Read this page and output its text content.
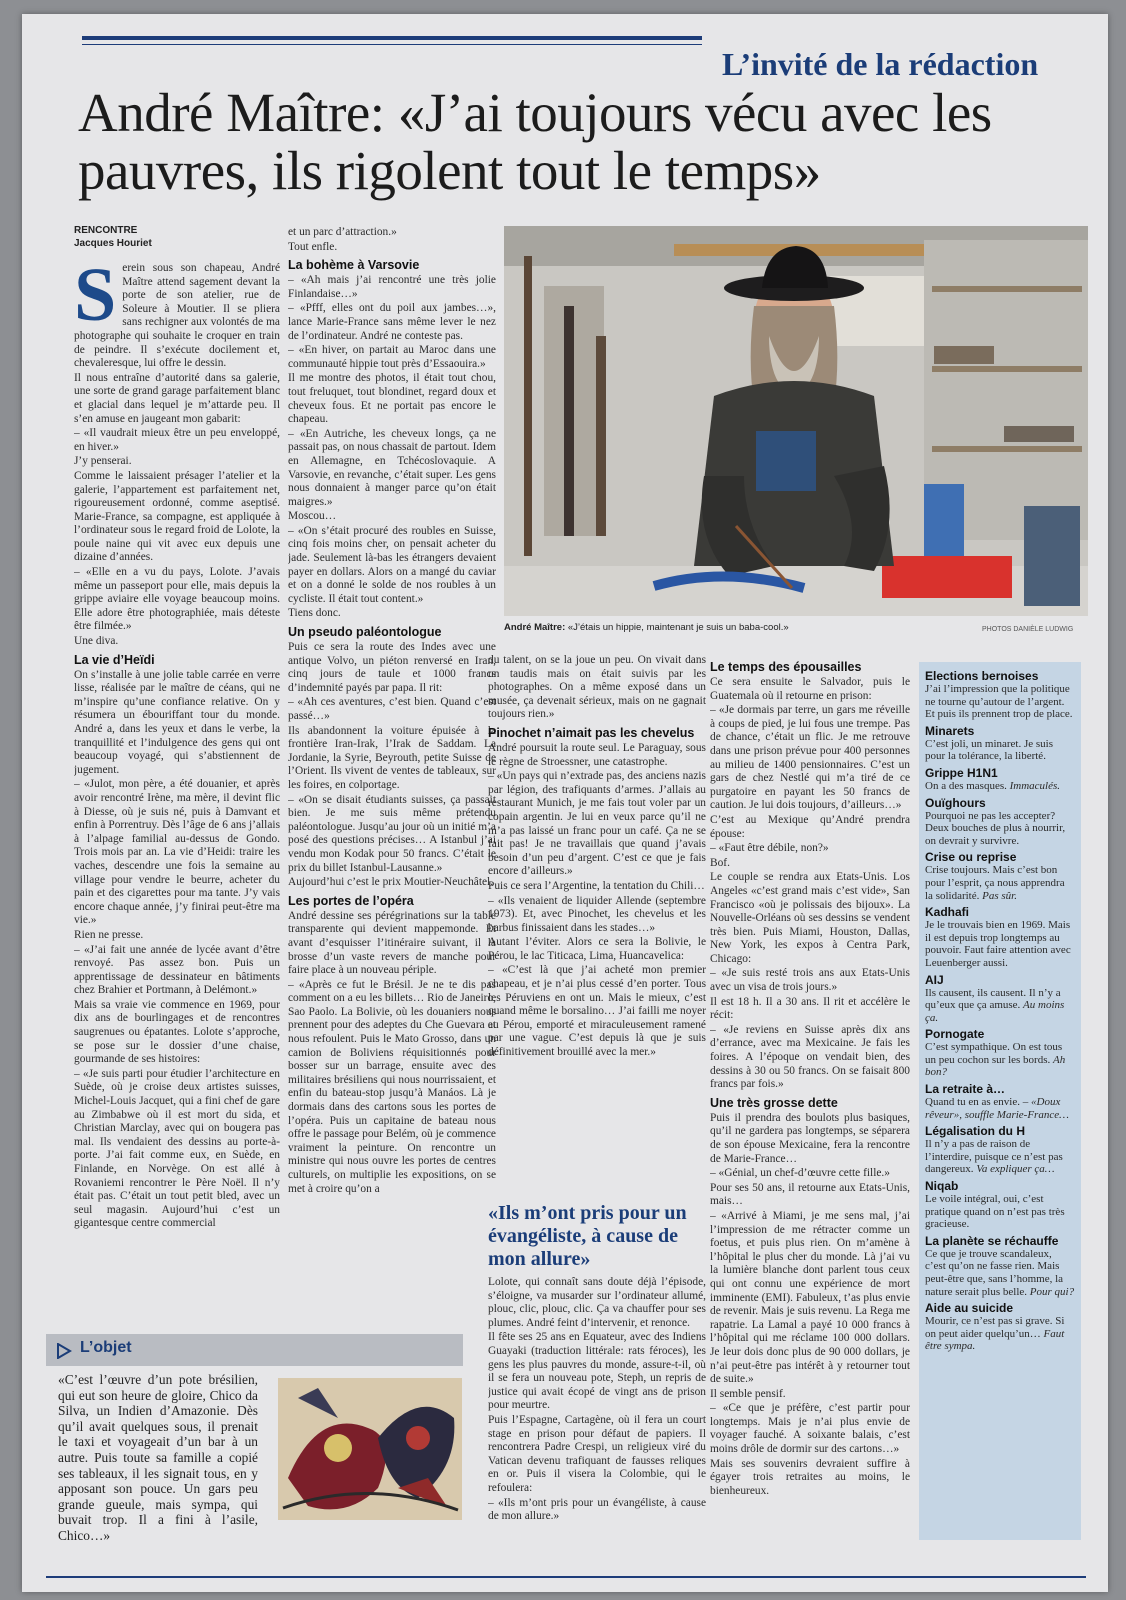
L’invité de la rédaction
André Maître: «J’ai toujours vécu avec les pauvres, ils rigolent tout le temps»
RENCONTRE
Jacques Houriet

Serein sous son chapeau, André Maître attend sagement devant la porte de son atelier, rue de Soleure à Moutier. Il se pliera sans rechigner aux volontés de ma photographe qui souhaite le croquer en train de peindre. Il s’exécute docilement et, chevaleresque, lui offre le dessin.

Il nous entraîne d’autorité dans sa galerie, une sorte de grand garage parfaitement blanc et glacial dans lequel je m’attarde peu. Il s’en amuse en jaugeant mon gabarit:

– «Il vaudrait mieux être un peu enveloppé, en hiver.»

J’y penserai.

Comme le laissaient présager l’atelier et la galerie, l’appartement est parfaitement net, rigoureusement ordonné, comme aseptisé. Marie-France, sa compagne, est appliquée à l’ordinateur sous le regard froid de Lolote, la poule naine qui vit avec eux depuis une dizaine d’années.

– «Elle en a vu du pays, Lolote. J’avais même un passeport pour elle, mais depuis la grippe aviaire elle voyage beaucoup moins. Elle adore être photographiée, mais déteste être filmée.»

Une diva.

La vie d’Heïdi

On s’installe à une jolie table carrée en verre lisse, réalisée par le maître de céans, qui ne m’inspire qu’une confiance relative. On y résumera un ébouriffant tour du monde. André a, dans les yeux et dans le verbe, la tranquillité et l’indulgence des gens qui ont beaucoup voyagé, qui s’abstiennent de jugement.

– «Julot, mon père, a été douanier, et après avoir rencontré Irène, ma mère, il devint flic à Diesse, où je suis né, puis à Damvant et enfin à Porrentruy. Dès l’âge de 6 ans j’allais à l’alpage familial au-dessus de Gondo. Trois mois par an. La vie d’Heidi: traire les vaches, descendre une fois la semaine au village pour vendre le beurre, acheter du pain et des cigarettes pour ma tante. J’y vais encore chaque année, j’y finirai peut-être ma vie.»

Rien ne presse.

– «J’ai fait une année de lycée avant d’être renvoyé. Pas assez bon. Puis un apprentissage de dessinateur en bâtiments chez Brahier et Portmann, à Delémont.»

Mais sa vraie vie commence en 1969, pour dix ans de bourlingages et de rencontres saugrenues ou épatantes. Lolote s’approche, se pose sur le dossier d’une chaise, gourmande de ses histoires:

– «Je suis parti pour étudier l’architecture en Suède, où je croise deux artistes suisses, Michel-Louis Jacquet, qui a fini chef de gare au Zimbabwe où il est mort du sida, et Christian Marclay, avec qui on bougera pas mal. Ils vendaient des dessins au porte-à-porte. J’ai fait comme eux, en Suède, en Finlande, en Norvège. On est allé à Rovaniemi rencontrer le Père Noël. Il n’y était pas. C’était un tout petit bled, avec un seul magasin. Aujourd’hui c’est un gigantesque centre commercial

et un parc d’attraction.»

Tout enfle.

La bohème à Varsovie

– «Ah mais j’ai rencontré une très jolie Finlandaise…»

– «Pfff, elles ont du poil aux jambes…», lance Marie-France sans même lever le nez de l’ordinateur. André ne conteste pas.

– «En hiver, on partait au Maroc dans une communauté hippie tout près d’Essaouira.»

Il me montre des photos, il était tout chou, tout freluquet, tout blondinet, regard doux et cheveux fous. Et ne portait pas encore le chapeau.

– «En Autriche, les cheveux longs, ça ne passait pas, on nous chassait de partout. Idem en Allemagne, en Tchécoslovaquie. A Varsovie, en revanche, c’était super. Les gens nous donnaient à manger parce qu’on était maigres.»

Moscou…

– «On s’était procuré des roubles en Suisse, cinq fois moins cher, on pensait acheter du jade. Seulement là-bas les étrangers devaient payer en dollars. Alors on a mangé du caviar et on a donné le solde de nos roubles à un cycliste. Il était tout content.»

Tiens donc.

Un pseudo paléontologue

Puis ce sera la route des Indes avec une antique Volvo, un piéton renversé en Iran, cinq jours de taule et 1000 francs d’indemnité payés par papa. Il rit:

– «Ah ces aventures, c’est bien. Quand c’est passé…»

Ils abandonnent la voiture épuisée à la frontière Iran-Irak, l’Irak de Saddam. La Jordanie, la Syrie, Beyrouth, petite Suisse de l’Orient. Ils vivent de ventes de tableaux, sur les foires, en colportage.

– «On se disait étudiants suisses, ça passait bien. Je me suis même prétendu paléontologue. Jusqu’au jour où un initié m’a posé des questions précises… A Istanbul j’ai vendu mon Kodak pour 50 francs. C’était le prix du billet Istanbul-Lausanne.»

Aujourd’hui c’est le prix Moutier-Neuchâtel.

Les portes de l’opéra

André dessine ses pérégrinations sur la table transparente qui devient mappemonde. Et avant d’esquisser l’itinéraire suivant, il la brosse d’un vaste revers de manche pour faire place à un nouveau périple.

– «Après ce fut le Brésil. Je ne te dis pas comment on a eu les billets… Rio de Janeiro, Sao Paolo. La Bolivie, où les douaniers nous prennent pour des adeptes du Che Guevara et nous refoulent. Puis le Mato Grosso, dans un camion de Boliviens réquisitionnés pour bosser sur un barrage, ensuite avec des militaires brésiliens qui nous nourrissaient, et enfin du bateau-stop jusqu’à Manáos. Là je dormais dans des cartons sous les portes de l’opéra. Puis un capitaine de bateau nous offre le passage pour Belém, où je commence vraiment la peinture. On rencontre un ministre qui nous ouvre les portes de centres culturels, on multiplie les expositions, on se met à croire qu’on a

André Maître: «J’étais un hippie, maintenant je suis un baba-cool.»	PHOTOS DANIÈLE LUDWIG

du talent, on se la joue un peu. On vivait dans un taudis mais on était suivis par les photographes. On a même exposé dans un musée, ça devenait sérieux, mais on ne gagnait toujours rien.»

Pinochet n’aimait pas les chevelus

André poursuit la route seul. Le Paraguay, sous le règne de Stroessner, une catastrophe.

– «Un pays qui n’extrade pas, des anciens nazis par légion, des trafiquants d’armes. J’allais au restaurant Munich, je me fais tout voler par un copain argentin. Je lui en veux parce qu’il ne m’a pas laissé un franc pour un café. Ça ne se fait pas! Je ne travaillais que quand j’avais besoin d’un peu d’argent. C’est ce que je fais encore d’ailleurs.»

Puis ce sera l’Argentine, la tentation du Chili…

– «Ils venaient de liquider Allende (septembre 1973). Et, avec Pinochet, les chevelus et les barbus finissaient dans les stades…»

Autant l’éviter. Alors ce sera la Bolivie, le Pérou, le lac Titicaca, Lima, Huancavelica:

– «C’est là que j’ai acheté mon premier chapeau, et je n’ai plus cessé d’en porter. Tous les Péruviens en ont un. Mais le mieux, c’est quand même le borsalino… J’ai failli me noyer au Pérou, emporté et miraculeusement ramené par une vague. C’est depuis là que je suis définitivement brouillé avec la mer.»

«Ils m’ont pris pour un évangéliste, à cause de mon allure»

Lolote, qui connaît sans doute déjà l’épisode, s’éloigne, va musarder sur l’ordinateur allumé, plouc, clic, plouc, clic. Ça va chauffer pour ses plumes. André feint d’intervenir, et renonce.

Il fête ses 25 ans en Equateur, avec des Indiens Guayaki (traduction littérale: rats féroces), les gens les plus pauvres du monde, assure-t-il, où il se fera un nouveau pote, Steph, un repris de justice qui avait écopé de vingt ans de prison pour meurtre.

Puis l’Espagne, Cartagène, où il fera un court stage en prison pour défaut de papiers. Il rencontrera Padre Crespi, un religieux viré du Vatican devenu trafiquant de fausses reliques en or. Puis il visera la Colombie, qui le refoulera:

– «Ils m’ont pris pour un évangéliste, à cause de mon allure.»

Le temps des épousailles

Ce sera ensuite le Salvador, puis le Guatemala où il retourne en prison:

– «Je dormais par terre, un gars me réveille à coups de pied, je lui fous une trempe. Pas de chance, c’était un flic. Je me retrouve dans une prison prévue pour 400 personnes au milieu de 1400 pensionnaires. C’est un gars de chez Nestlé qui m’a tiré de ce purgatoire en payant les 50 francs de caution. Je lui dois toujours, d’ailleurs…»

C’est au Mexique qu’André prendra épouse:

– «Faut être débile, non?»

Bof.

Le couple se rendra aux Etats-Unis. Los Angeles «c’est grand mais c’est vide», San Francisco «où je polissais des bijoux». La Nouvelle-Orléans où ses dessins se vendent très bien. Puis Miami, Houston, Dallas, New York, les expos à Centra Park, Chicago:

– «Je suis resté trois ans aux Etats-Unis avec un visa de trois jours.»

Il est 18 h. Il a 30 ans. Il rit et accélère le récit:

– «Je reviens en Suisse après dix ans d’errance, avec ma Mexicaine. Je fais les foires. A l’époque on vendait bien, des dessins à 30 ou 50 francs. On se faisait 800 francs par fois.»

Une très grosse dette

Puis il prendra des boulots plus basiques, qu’il ne gardera pas longtemps, se séparera de son épouse Mexicaine, fera la rencontre de Marie-France…

– «Génial, un chef-d’œuvre cette fille.»

Pour ses 50 ans, il retourne aux Etats-Unis, mais…

– «Arrivé à Miami, je me sens mal, j’ai l’impression de me rétracter comme un foetus, et puis plus rien. On m’amène à l’hôpital le plus cher du monde. Là j’ai vu la lumière blanche dont parlent tous ceux qui ont connu une expérience de mort imminente (EMI). Fabuleux, t’as plus envie de revenir. Mais je suis revenu. La Rega me rapatrie. La Lamal a payé 10 000 francs à l’hôpital qui me réclame 100 000 dollars. Je leur dois donc plus de 90 000 dollars, je n’ai peut-être pas intérêt à y retourner tout de suite.»

Il semble pensif.

– «Ce que je préfère, c’est partir pour longtemps. Mais je n’ai plus envie de voyager fauché. A soixante balais, c’est moins drôle de dormir sur des cartons…»

Mais ses souvenirs devraient suffire à égayer trois retraites au moins, le bienheureux.

Elections bernoises

J’ai l’impression que la politique ne tourne qu’autour de l’argent. Et puis ils prennent trop de place.

Minarets

C’est joli, un minaret. Je suis pour la tolérance, la liberté.

Grippe H1N1

On a des masques. Immaculés.

Ouïghours

Pourquoi ne pas les accepter? Deux bouches de plus à nourrir, on devrait y survivre.

Crise ou reprise

Crise toujours. Mais c’est bon pour l’esprit, ça nous apprendra la solidarité. Pas sûr.

Kadhafi

Je le trouvais bien en 1969. Mais il est depuis trop longtemps au pouvoir. Faut faire attention avec Leuenberger aussi.

AIJ

Ils causent, ils causent. Il n’y a qu’eux que ça amuse. Au moins ça.

Pornogate

C’est sympathique. On est tous un peu cochon sur les bords. Ah bon?

La retraite à…

Quand tu en as envie. – «Doux rêveur», souffle Marie-France…

Légalisation du H

Il n’y a pas de raison de l’interdire, puisque ce n’est pas dangereux. Va expliquer ça…

Niqab

Le voile intégral, oui, c’est pratique quand on n’est pas très gracieuse.

La planète se réchauffe

Ce que je trouve scandaleux, c’est qu’on ne fasse rien. Mais peut-être que, sans l’homme, la nature serait plus belle. Pour qui?

Aide au suicide

Mourir, ce n’est pas si grave. Si on peut aider quelqu’un… Faut être sympa.

L’objet
«C’est l’œuvre d’un pote brésilien, qui eut son heure de gloire, Chico da Silva, un Indien d’Amazonie. Dès qu’il avait quelques sous, il prenait le taxi et voyageait d’un bar à un autre. Puis toute sa famille a copié ses tableaux, il les signait tous, en y apposant son pouce. Un gars peu grande gueule, mais sympa, qui buvait trop. Il a fini à l’asile, Chico…»
